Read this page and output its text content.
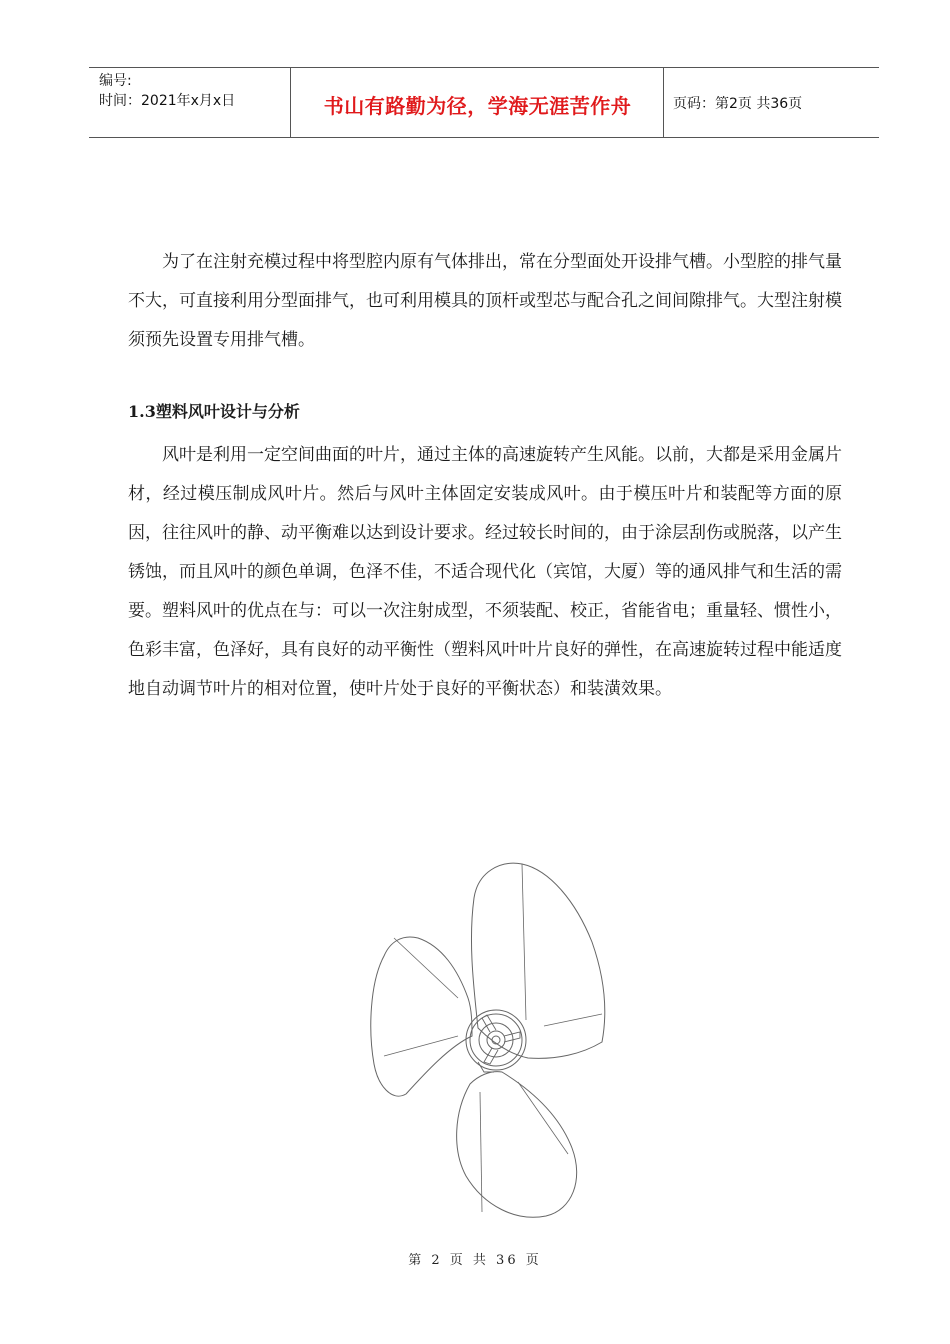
编号:
时间：2021年x月x日	书山有路勤为径，学海无涯苦作舟	页码：第2页 共36页

为了在注射充模过程中将型腔内原有气体排出，常在分型面处开设排气槽。小型腔的排气量不大，可直接利用分型面排气，也可利用模具的顶杆或型芯与配合孔之间间隙排气。大型注射模须预先设置专用排气槽。

1.3塑料风叶设计与分析

风叶是利用一定空间曲面的叶片，通过主体的高速旋转产生风能。以前，大都是采用金属片材，经过模压制成风叶片。然后与风叶主体固定安装成风叶。由于模压叶片和装配等方面的原因，往往风叶的静、动平衡难以达到设计要求。经过较长时间的，由于涂层刮伤或脱落，以产生锈蚀，而且风叶的颜色单调，色泽不佳，不适合现代化（宾馆，大厦）等的通风排气和生活的需要。塑料风叶的优点在与：可以一次注射成型，不须装配、校正，省能省电；重量轻、惯性小，色彩丰富，色泽好，具有良好的动平衡性（塑料风叶叶片良好的弹性，在高速旋转过程中能适度地自动调节叶片的相对位置，使叶片处于良好的平衡状态）和装潢效果。

第 2 页 共 36 页
